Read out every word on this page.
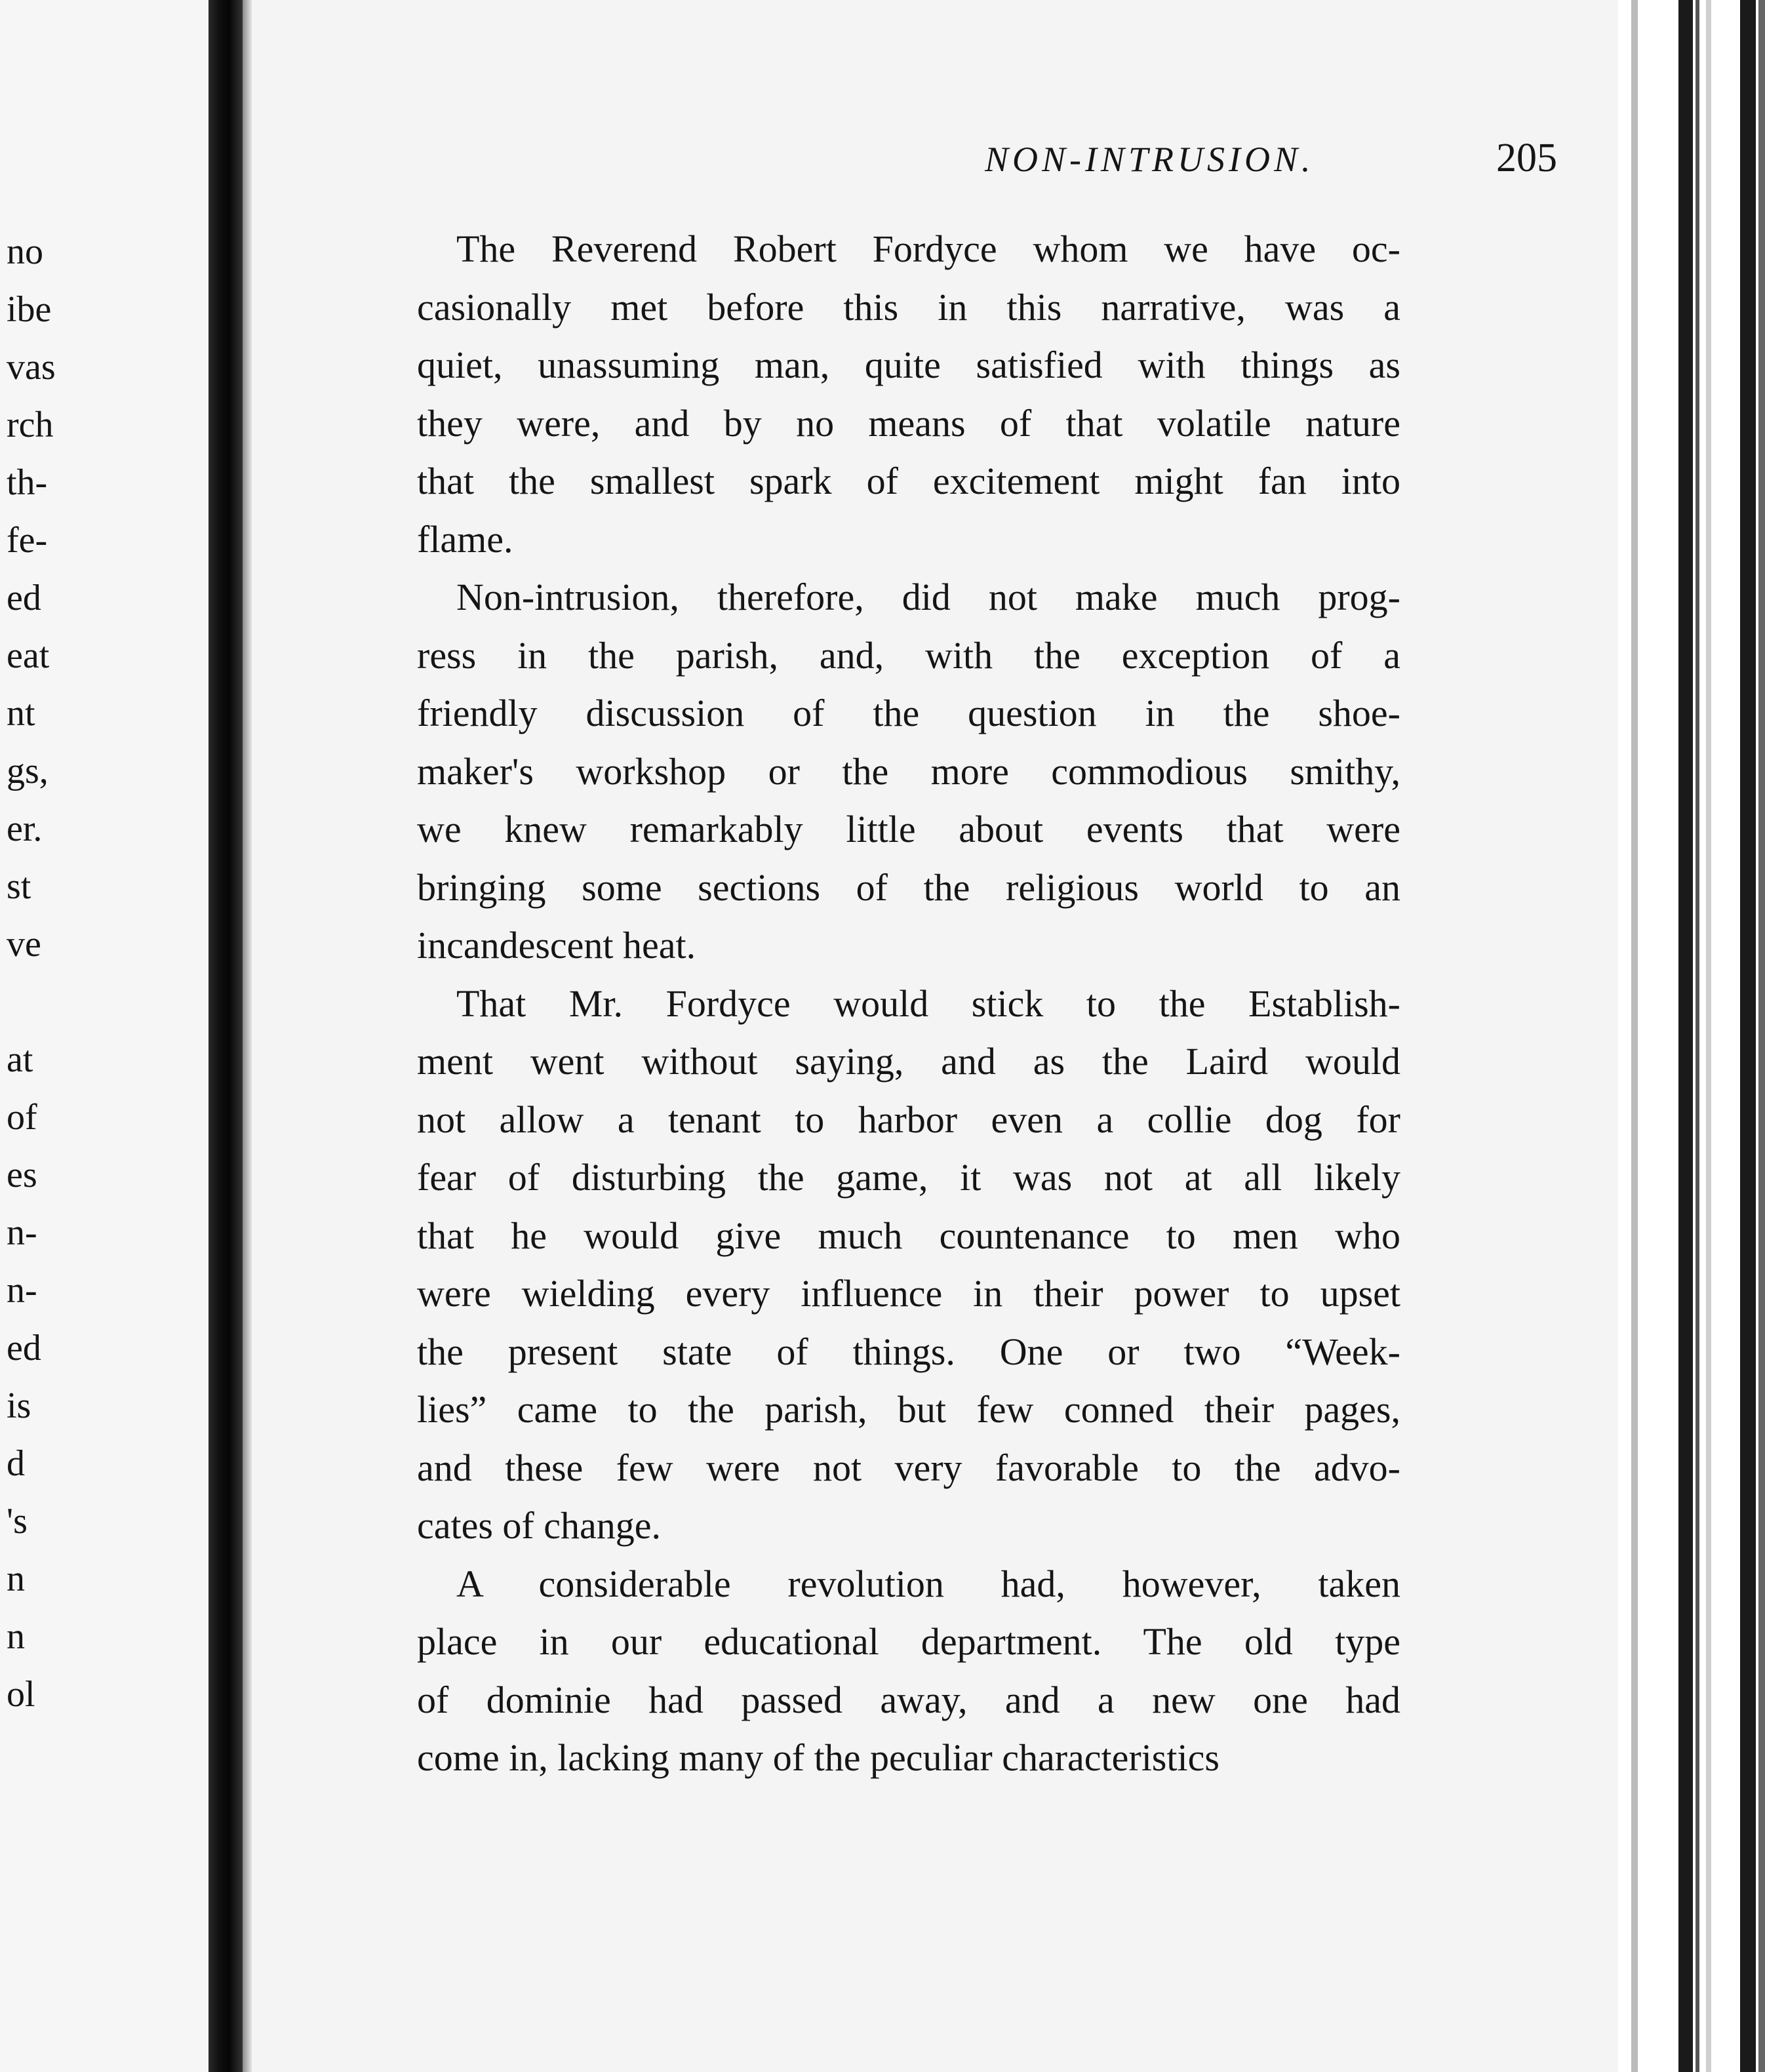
no
ibe
vas
rch
th-
fe-
ed
eat
nt
gs,
er.
st
ve
at
of
es
n-
n-
ed
is
d
's
n
n
ol
NON-INTRUSION.	205

The Reverend Robert Fordyce whom we have oc-
casionally met before this in this narrative, was a
quiet, unassuming man, quite satisfied with things as
they were, and by no means of that volatile nature
that the smallest spark of excitement might fan into
flame.

Non-intrusion, therefore, did not make much prog-
ress in the parish, and, with the exception of a
friendly discussion of the question in the shoe-
maker's workshop or the more commodious smithy,
we knew remarkably little about events that were
bringing some sections of the religious world to an
incandescent heat.

That Mr. Fordyce would stick to the Establish-
ment went without saying, and as the Laird would
not allow a tenant to harbor even a collie dog for
fear of disturbing the game, it was not at all likely
that he would give much countenance to men who
were wielding every influence in their power to upset
the present state of things. One or two “Week-
lies” came to the parish, but few conned their pages,
and these few were not very favorable to the advo-
cates of change.

A considerable revolution had, however, taken
place in our educational department. The old type
of dominie had passed away, and a new one had
come in, lacking many of the peculiar characteristics
